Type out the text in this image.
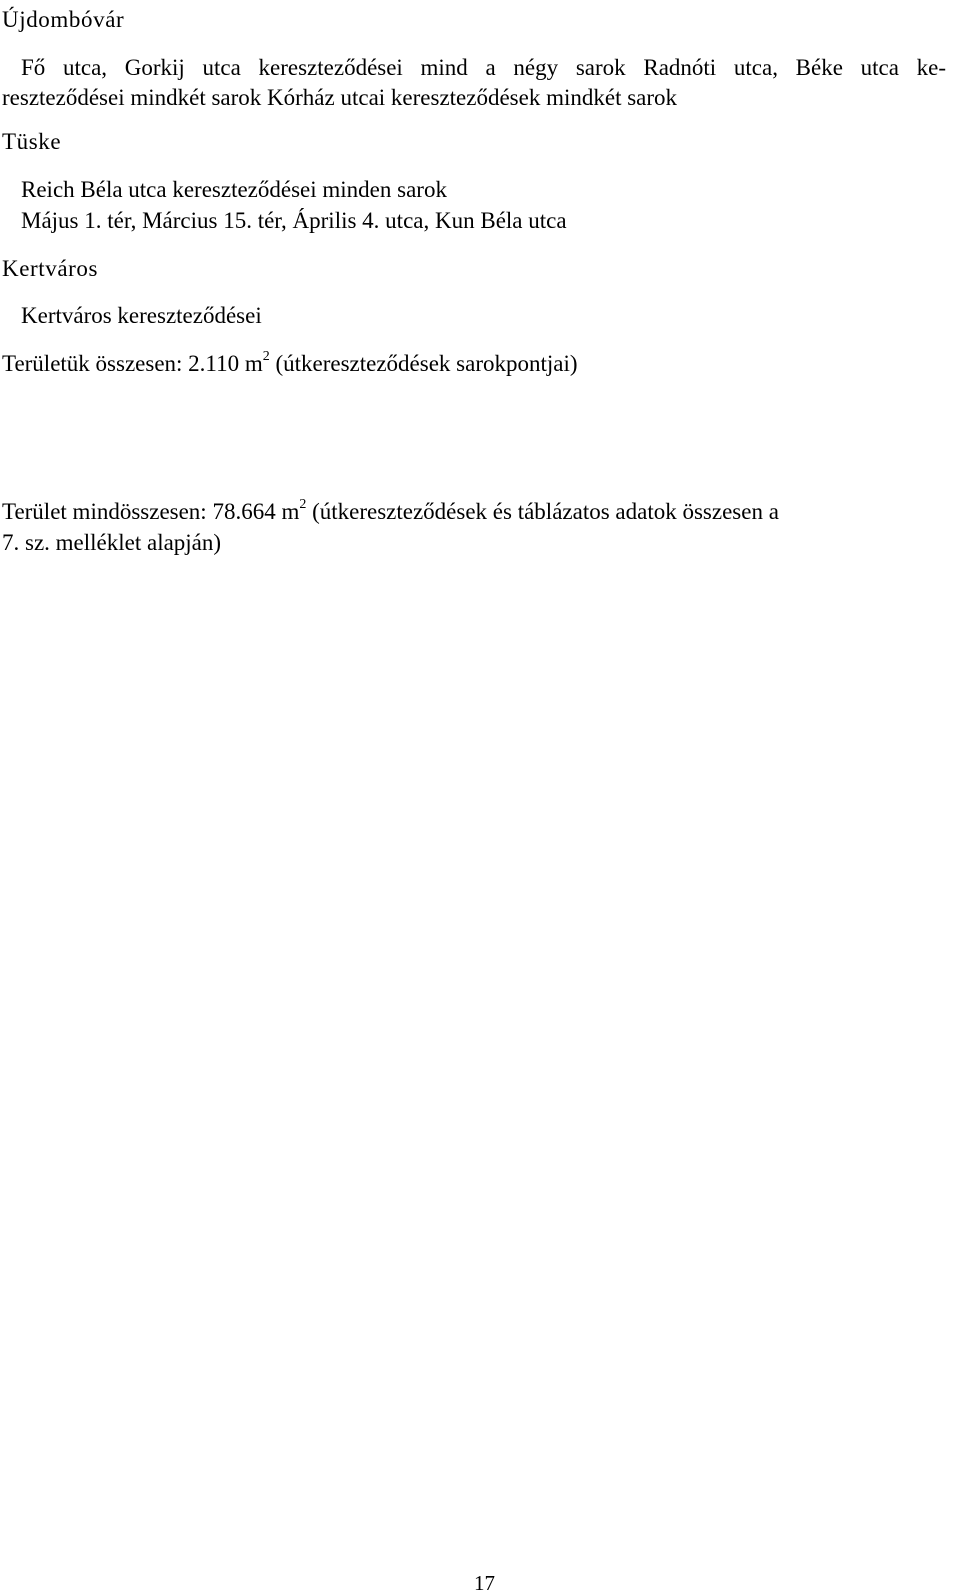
Újdombóvár
Fő utca, Gorkij utca kereszteződései mind a négy sarok Radnóti utca, Béke utca ke-
reszteződései mindkét sarok Kórház utcai kereszteződések mindkét sarok
Tüske
Reich Béla utca kereszteződései minden sarok
Május 1. tér, Március 15. tér, Április 4. utca, Kun Béla utca
Kertváros
Kertváros kereszteződései
Területük összesen: 2.110 $m^2$ (útkereszteződések sarokpontjai)
Terület mindösszesen: 78.664 $m^2$ (útkereszteződések és táblázatos adatok összesen a
7. sz. melléklet alapján)
17
